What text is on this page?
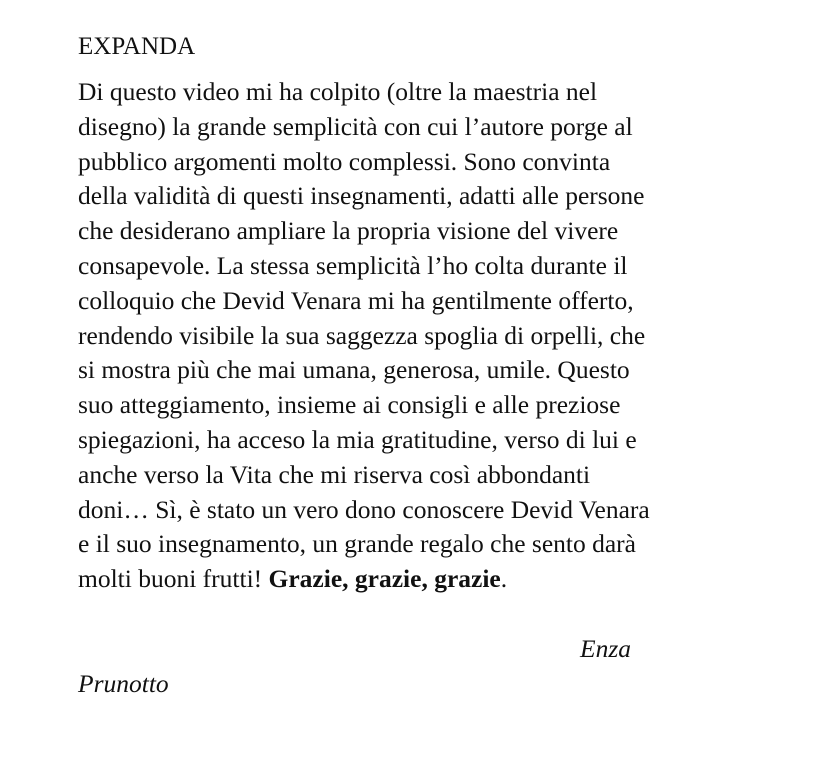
EXPANDA

Di questo video mi ha colpito (oltre la maestria nel
disegno) la grande semplicità con cui l’autore porge al
pubblico argomenti molto complessi. Sono convinta
della validità di questi insegnamenti, adatti alle persone
che desiderano ampliare la propria visione del vivere
consapevole. La stessa semplicità l’ho colta durante il
colloquio che Devid Venara mi ha gentilmente offerto,
rendendo visibile la sua saggezza spoglia di orpelli, che
si mostra più che mai umana, generosa, umile. Questo
suo atteggiamento, insieme ai consigli e alle preziose
spiegazioni, ha acceso la mia gratitudine, verso di lui e
anche verso la Vita che mi riserva così abbondanti
doni… Sì, è stato un vero dono conoscere Devid Venara
e il suo insegnamento, un grande regalo che sento darà
molti buoni frutti! Grazie, grazie, grazie.

Enza
Prunotto
